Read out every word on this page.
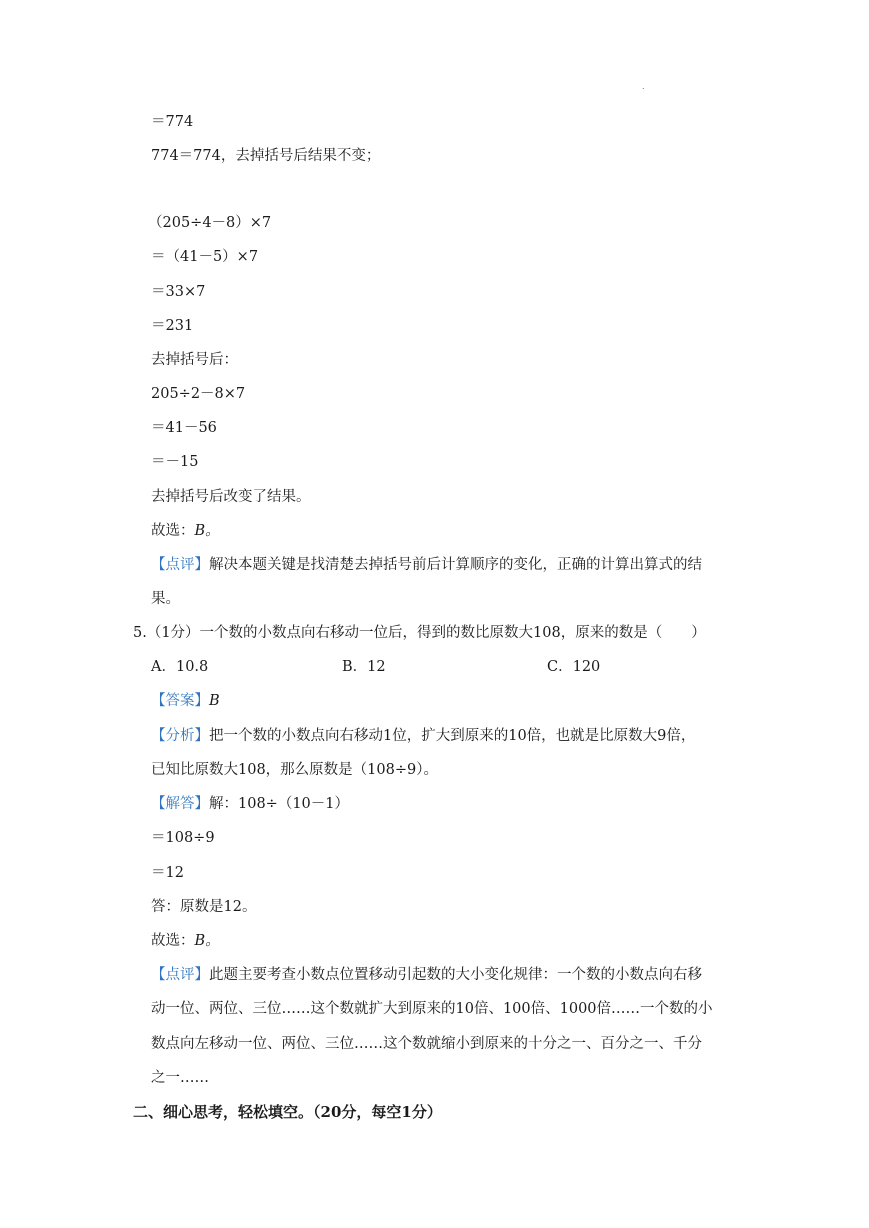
.
＝774
774＝774，去掉括号后结果不变；
（205÷4－8）×7
＝（41－5）×7
＝33×7
＝231
去掉括号后：
205÷2－8×7
＝41－56
＝－15
去掉括号后改变了结果。
故选：B。
【点评】解决本题关键是找清楚去掉括号前后计算顺序的变化，正确的计算出算式的结
果。
5.（1分）一个数的小数点向右移动一位后，得到的数比原数大108，原来的数是（　　）
A．10.8	B．12	C．120
【答案】B
【分析】把一个数的小数点向右移动1位，扩大到原来的10倍，也就是比原数大9倍，
已知比原数大108，那么原数是（108÷9）。
【解答】解：108÷（10－1）
＝108÷9
＝12
答：原数是12。
故选：B。
【点评】此题主要考查小数点位置移动引起数的大小变化规律：一个数的小数点向右移
动一位、两位、三位……这个数就扩大到原来的10倍、100倍、1000倍……一个数的小
数点向左移动一位、两位、三位……这个数就缩小到原来的十分之一、百分之一、千分
之一……
二、细心思考，轻松填空。（20分，每空1分）
